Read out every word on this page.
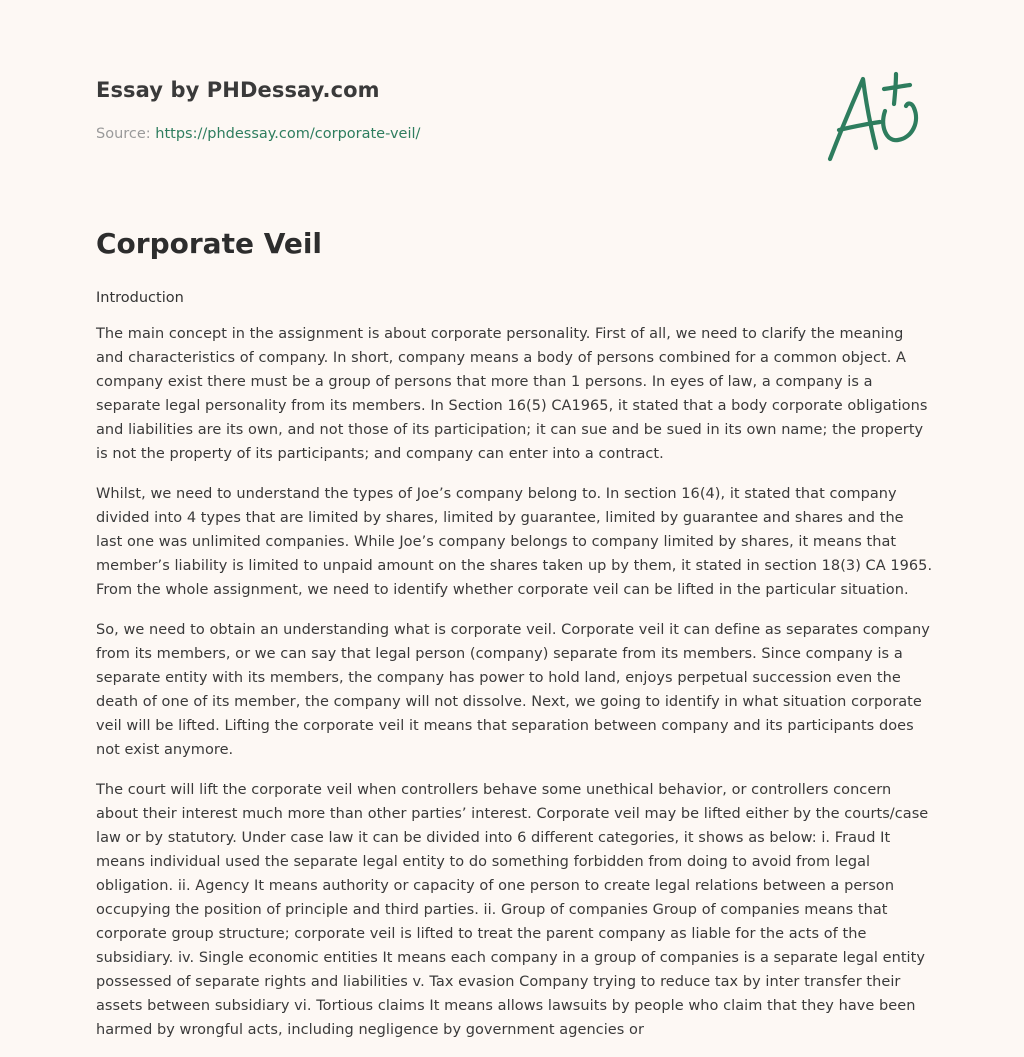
Essay by PHDessay.com
Source: https://phdessay.com/corporate-veil/
Corporate Veil

Introduction

The main concept in the assignment is about corporate personality. First of all, we need to clarify the meaning and characteristics of company. In short, company means a body of persons combined for a common object. A company exist there must be a group of persons that more than 1 persons. In eyes of law, a company is a separate legal personality from its members. In Section 16(5) CA1965, it stated that a body corporate obligations and liabilities are its own, and not those of its participation; it can sue and be sued in its own name; the property is not the property of its participants; and company can enter into a contract.

Whilst, we need to understand the types of Joe’s company belong to. In section 16(4), it stated that company divided into 4 types that are limited by shares, limited by guarantee, limited by guarantee and shares and the last one was unlimited companies. While Joe’s company belongs to company limited by shares, it means that member’s liability is limited to unpaid amount on the shares taken up by them, it stated in section 18(3) CA 1965. From the whole assignment, we need to identify whether corporate veil can be lifted in the particular situation.

So, we need to obtain an understanding what is corporate veil. Corporate veil it can define as separates company from its members, or we can say that legal person (company) separate from its members. Since company is a separate entity with its members, the company has power to hold land, enjoys perpetual succession even the death of one of its member, the company will not dissolve. Next, we going to identify in what situation corporate veil will be lifted. Lifting the corporate veil it means that separation between company and its participants does not exist anymore.

The court will lift the corporate veil when controllers behave some unethical behavior, or controllers concern about their interest much more than other parties’ interest. Corporate veil may be lifted either by the courts/case law or by statutory. Under case law it can be divided into 6 different categories, it shows as below: i. Fraud It means individual used the separate legal entity to do something forbidden from doing to avoid from legal obligation. ii. Agency It means authority or capacity of one person to create legal relations between a person occupying the position of principle and third parties. ii. Group of companies Group of companies means that corporate group structure; corporate veil is lifted to treat the parent company as liable for the acts of the subsidiary. iv. Single economic entities It means each company in a group of companies is a separate legal entity possessed of separate rights and liabilities v. Tax evasion Company trying to reduce tax by inter transfer their assets between subsidiary vi. Tortious claims It means allows lawsuits by people who claim that they have been harmed by wrongful acts, including negligence by government agencies or
